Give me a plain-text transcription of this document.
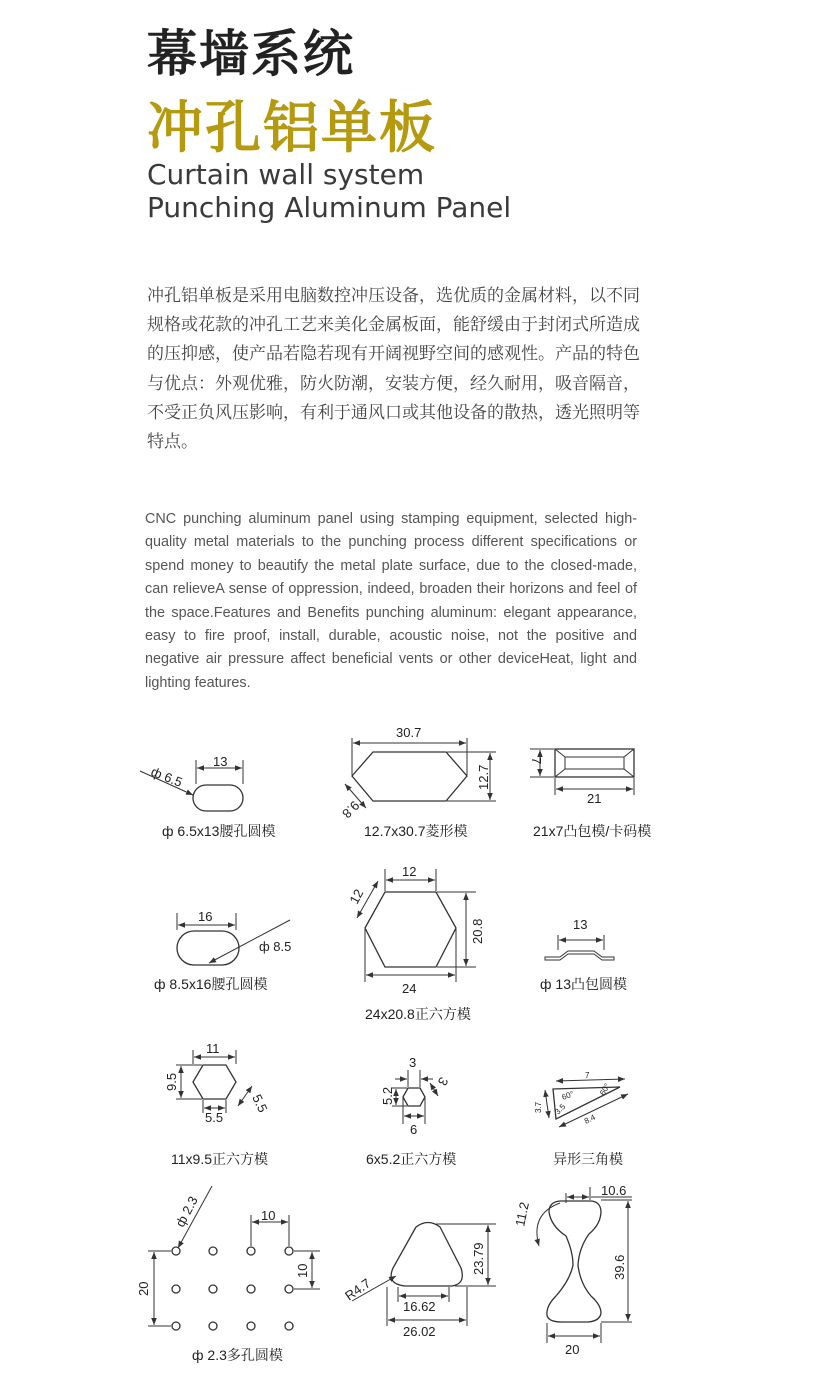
幕墙系统
冲孔铝单板
Curtain wall system
Punching Aluminum Panel

冲孔铝单板是采用电脑数控冲压设备，选优质的金属材料，以不同规格或花款的冲孔工艺来美化金属板面，能舒缓由于封闭式所造成的压抑感，使产品若隐若现有开阔视野空间的感观性。产品的特色与优点：外观优雅，防火防潮，安装方便，经久耐用，吸音隔音，不受正负风压影响，有利于通风口或其他设备的散热，透光照明等特点。

CNC punching aluminum panel using stamping equipment, selected high-quality metal materials to the punching process different specifications or spend money to beautify the metal plate surface, due to the closed-made, can relieveA sense of oppression, indeed, broaden their horizons and feel of the space.Features and Benefits punching aluminum: elegant appearance, easy to fire proof, install, durable, acoustic noise, not the positive and negative air pressure affect beneficial vents or other deviceHeat, light and lighting features.

13
ф 6.5
ф 6.5x13腰孔圆模
30.7
12.7
9.8
12.7x30.7菱形模
7
21
21x7凸包模/卡码模
16
ф 8.5
ф 8.5x16腰孔圆模
12
12
20.8
24
24x20.8正六方模
13
ф 13凸包圆模
11
9.5
5.5
5.5
11x9.5正六方模
3
3
5.2
6
6x5.2正六方模
7
3.7
8.4
60°	60°
3.5
异形三角模
ф 2.3	10
10
20
ф 2.3多孔圆模
23.79
R4.7
16.62
26.02
39.6
10.6
11.2
20
